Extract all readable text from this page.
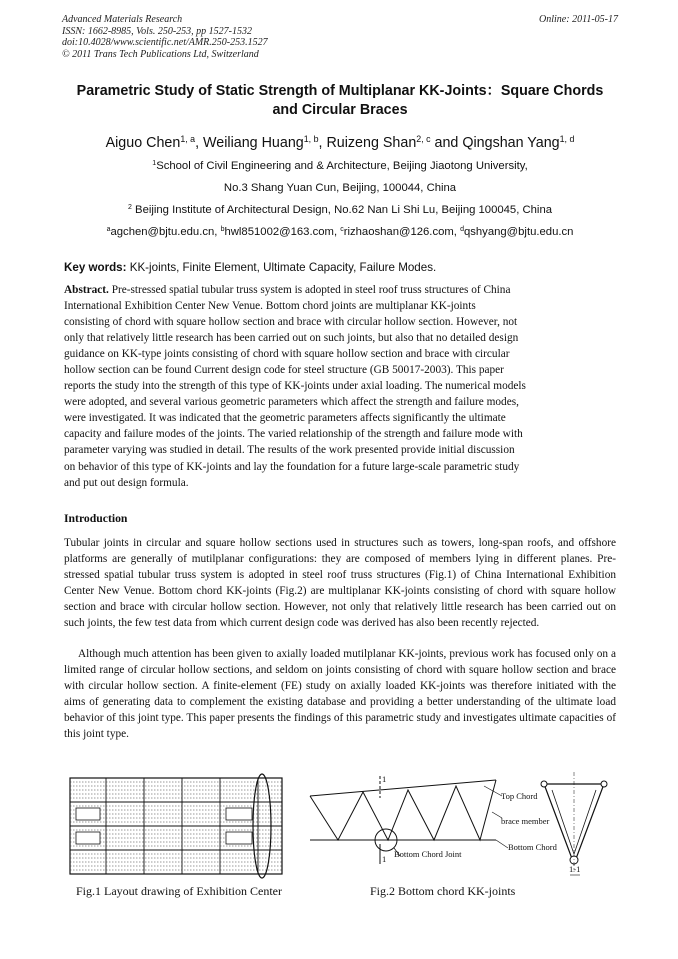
Advanced Materials Research
ISSN: 1662-8985, Vols. 250-253, pp 1527-1532
doi:10.4028/www.scientific.net/AMR.250-253.1527
© 2011 Trans Tech Publications Ltd, Switzerland
Online: 2011-05-17
Parametric Study of Static Strength of Multiplanar KK-Joints：Square Chords and Circular Braces
Aiguo Chen$^{1, a}$, Weiliang Huang$^{1, b}$, Ruizeng Shan$^{2, c}$ and Qingshan Yang$^{1, d}$
$^1$School of Civil Engineering and & Architecture, Beijing Jiaotong University,
No.3 Shang Yuan Cun, Beijing, 100044, China
$^2$ Beijing Institute of Architectural Design, No.62 Nan Li Shi Lu, Beijing 100045, China
$^a$agchen@bjtu.edu.cn, $^b$hwl851002@163.com, $^c$rizhaoshan@126.com, $^d$qshyang@bjtu.edu.cn
Key words: KK-joints, Finite Element, Ultimate Capacity, Failure Modes.
Abstract. Pre-stressed spatial tubular truss system is adopted in steel roof truss structures of China
International Exhibition Center New Venue. Bottom chord joints are multiplanar KK-joints
consisting of chord with square hollow section and brace with circular hollow section. However, not
only that relatively little research has been carried out on such joints, but also that no detailed design
guidance on KK-type joints consisting of chord with square hollow section and brace with circular
hollow section can be found Current design code for steel structure (GB 50017-2003). This paper
reports the study into the strength of this type of KK-joints under axial loading. The numerical models
were adopted, and several various geometric parameters which affect the strength and failure modes,
were investigated. It was indicated that the geometric parameters affects significantly the ultimate
capacity and failure modes of the joints. The varied relationship of the strength and failure mode with
parameter varying was studied in detail. The results of the work presented provide initial discussion
on behavior of this type of KK-joints and lay the foundation for a future large-scale parametric study
and put out design formula.
Introduction
Tubular joints in circular and square hollow sections used in structures such as towers, long-span roofs, and offshore platforms are generally of mutilplanar configurations: they are composed of members lying in different planes. Pre-stressed spatial tubular truss system is adopted in steel roof truss structures (Fig.1) of China International Exhibition Center New Venue. Bottom chord KK-joints (Fig.2) are multiplanar KK-joints consisting of chord with square hollow section and brace with circular hollow section. However, not only that relatively little research has been carried out on such joints, the few test data from which current design code was derived has also been recently rejected.
Although much attention has been given to axially loaded mutilplanar KK-joints, previous work has focused only on a limited range of circular hollow sections, and seldom on joints consisting of chord with square hollow section and brace with circular hollow section. A finite-element (FE) study on axially loaded KK-joints was therefore initiated with the aims of generating data to complement the existing database and providing a better understanding of the ultimate load behavior of this joint type. This paper presents the findings of this parametric study and investigates ultimate capacities of this joint type.
1
1
Top Chord
brace member
Bottom Chord
Bottom Chord Joint
1-1
Fig.1 Layout drawing of Exhibition Center	Fig.2 Bottom chord KK-joints
